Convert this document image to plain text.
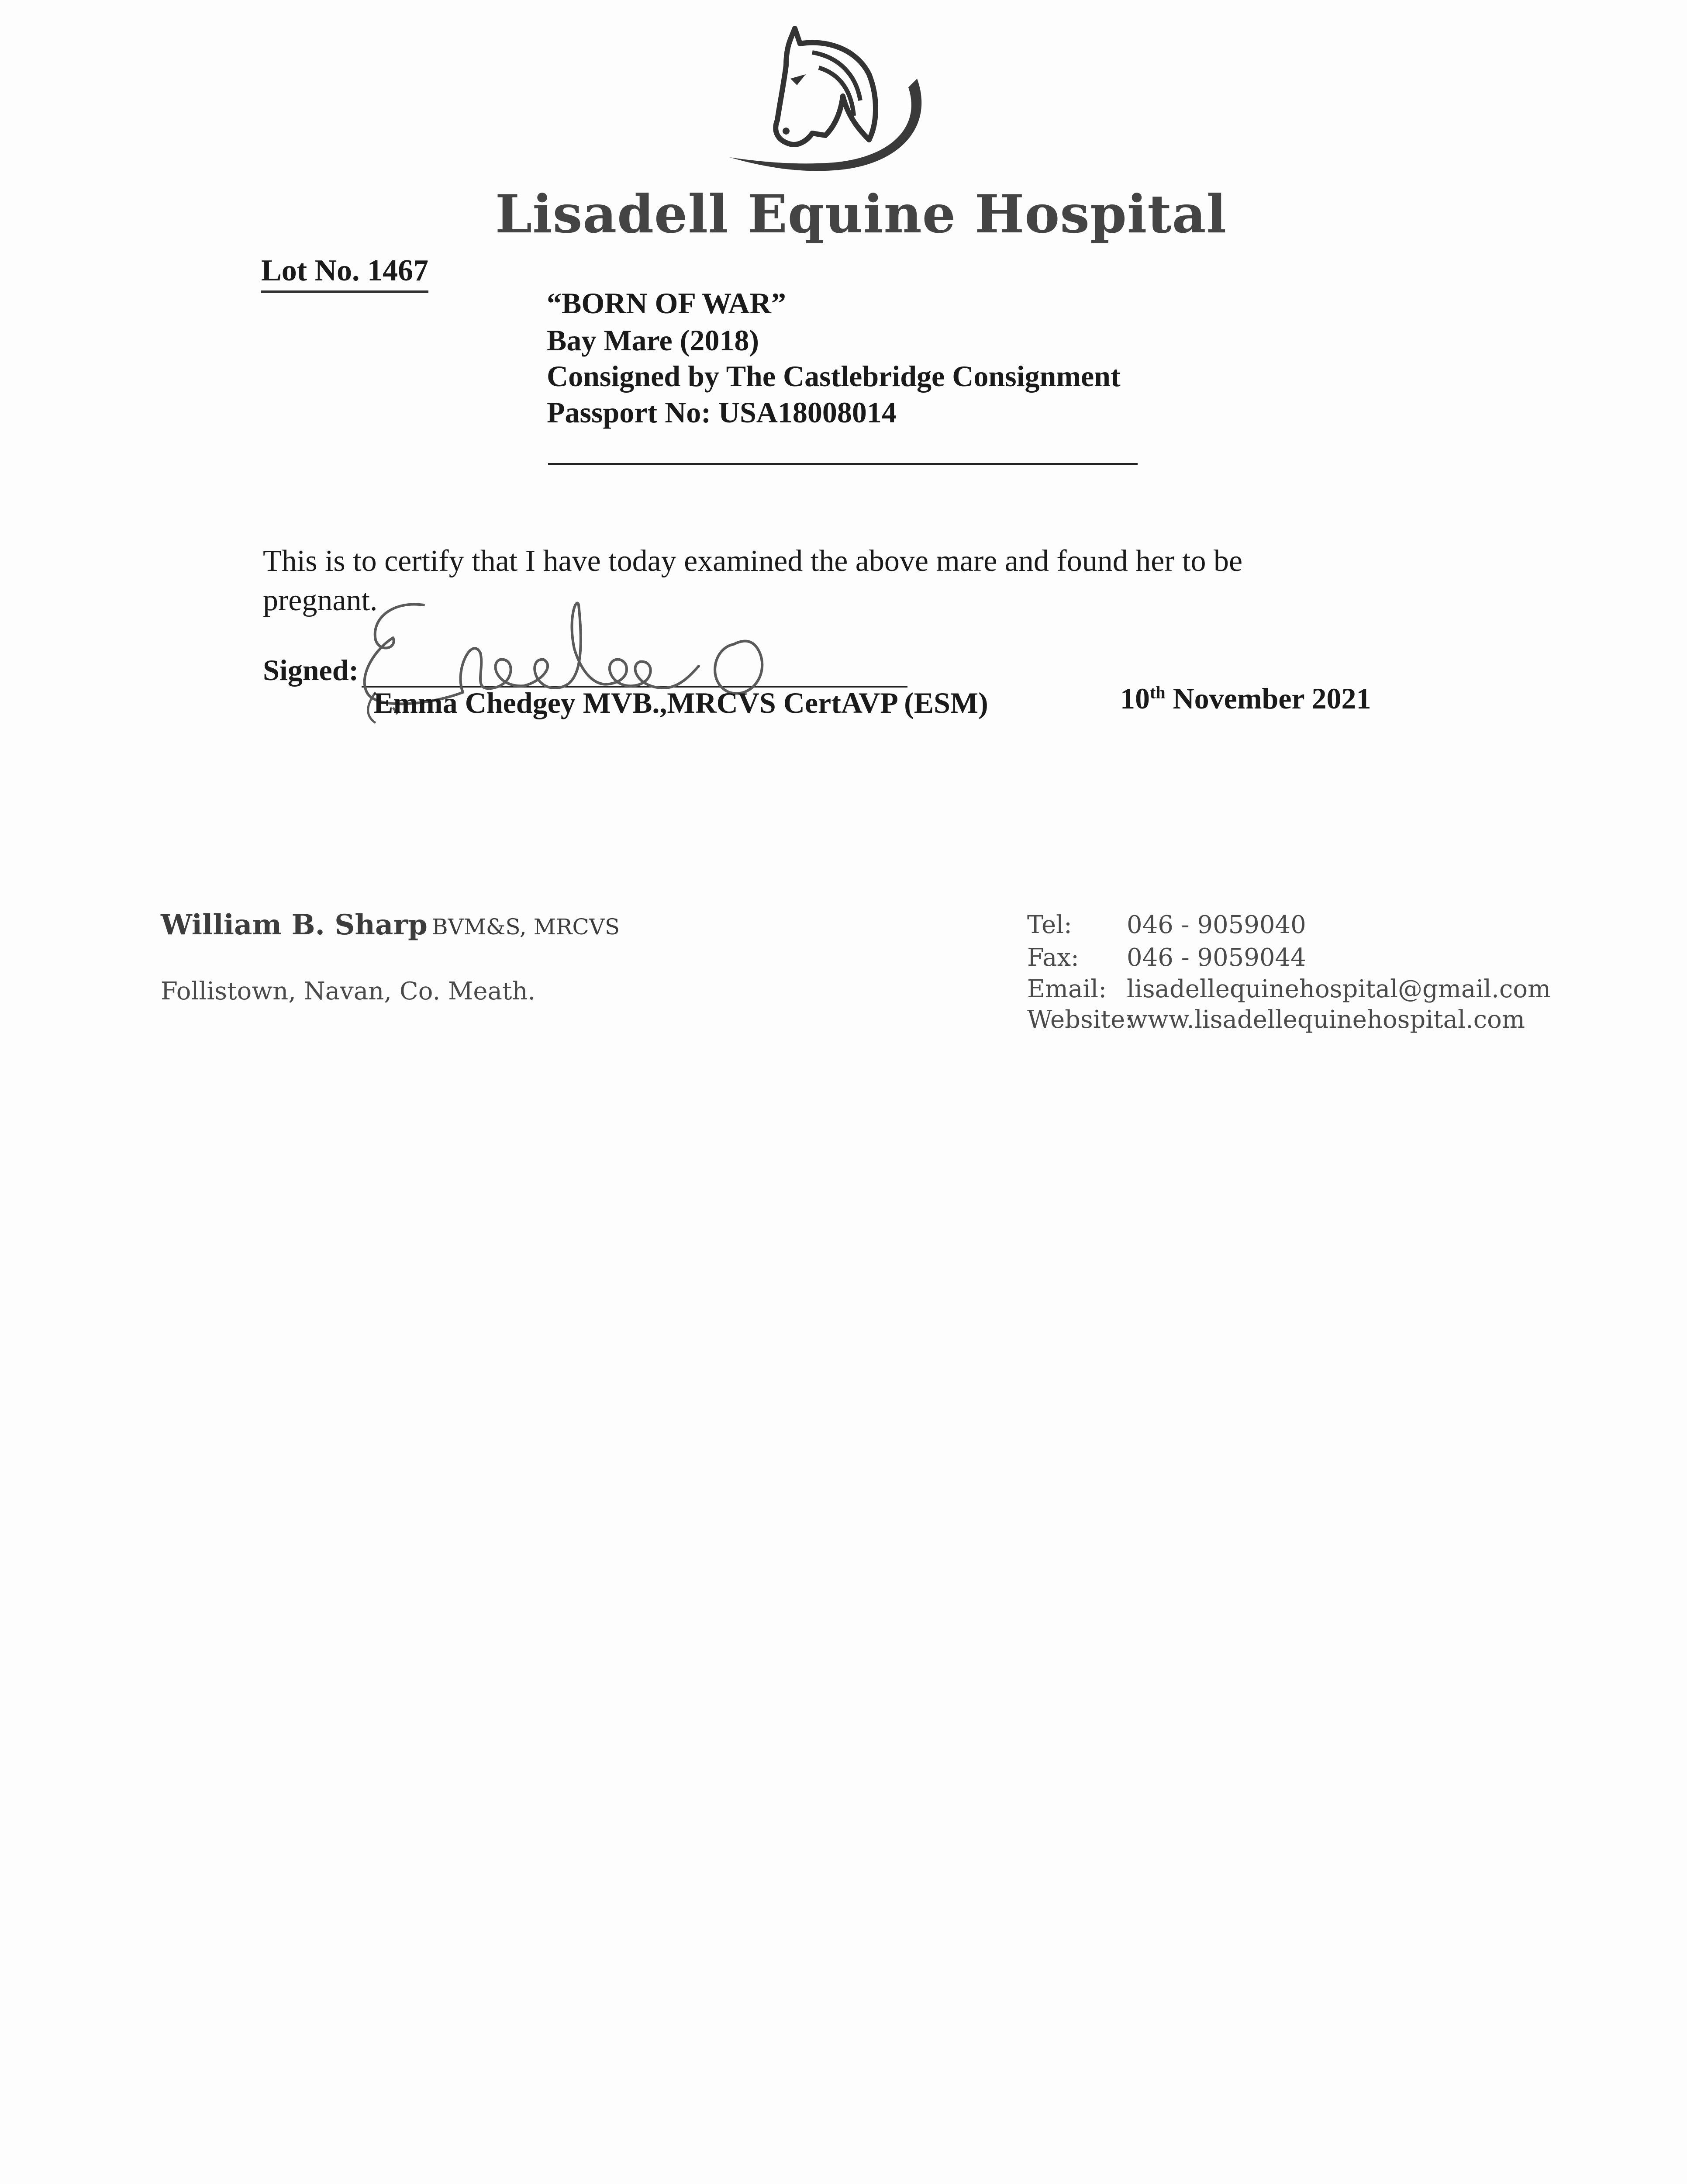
Lisadell Equine Hospital
Lot No. 1467
“BORN OF WAR”
Bay Mare (2018)
Consigned by The Castlebridge Consignment
Passport No: USA18008014
This is to certify that I have today examined the above mare and found her to be
pregnant.
Signed:
Emma Chedgey MVB.,MRCVS CertAVP (ESM)	10th November 2021
William B. Sharp BVM&S, MRCVS
Follistown, Navan, Co. Meath.
Tel: 046 - 9059040
Fax: 046 - 9059044
Email: lisadellequinehospital@gmail.com
Website:
www.lisadellequinehospital.com
